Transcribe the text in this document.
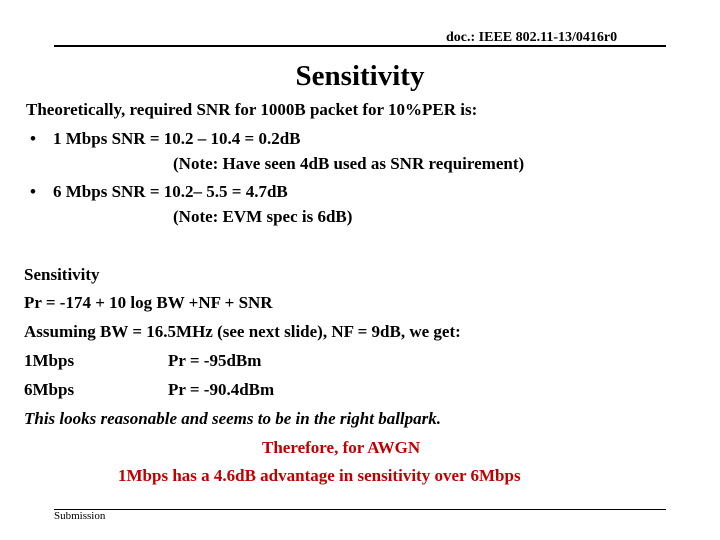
doc.: IEEE 802.11-13/0416r0
Sensitivity
Theoretically, required SNR for 1000B packet for 10%PER is:
• 1 Mbps SNR = 10.2 – 10.4 = 0.2dB
(Note: Have seen 4dB used as SNR requirement)
• 6 Mbps SNR = 10.2– 5.5 = 4.7dB
(Note: EVM spec is 6dB)
Sensitivity
Pr = -174 + 10 log BW +NF + SNR
Assuming BW = 16.5MHz (see next slide), NF = 9dB, we get:
1Mbps	Pr = -95dBm
6Mbps	Pr = -90.4dBm
This looks reasonable and seems to be in the right ballpark.
Therefore, for AWGN
1Mbps has a 4.6dB advantage in sensitivity over 6Mbps
Submission
